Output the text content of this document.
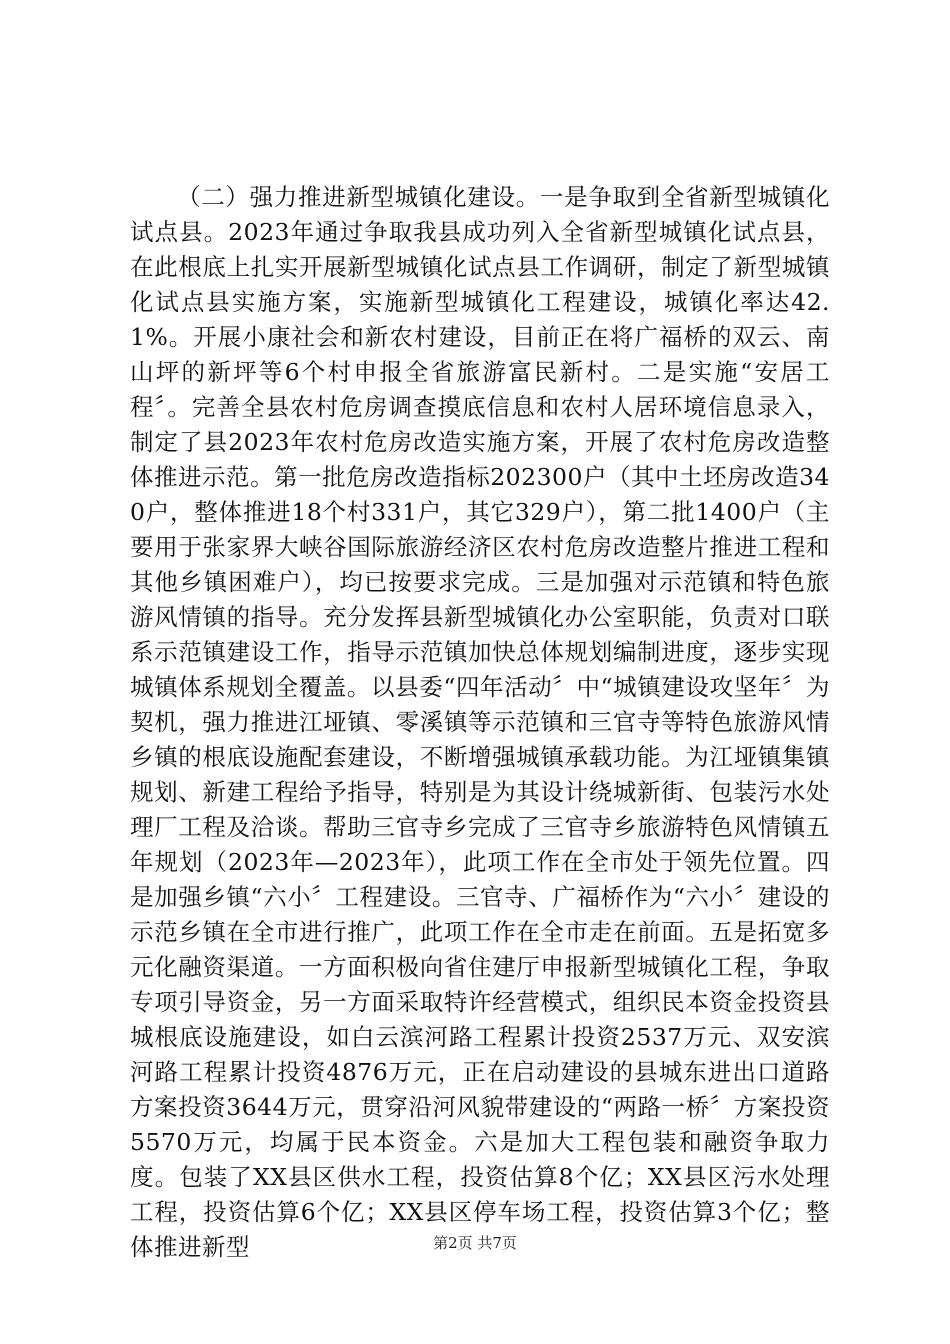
（二）强力推进新型城镇化建设。一是争取到全省新型城镇化试点县。2023年通过争取我县成功列入全省新型城镇化试点县，在此根底上扎实开展新型城镇化试点县工作调研，制定了新型城镇化试点县实施方案，实施新型城镇化工程建设，城镇化率达42.1%。开展小康社会和新农村建设，目前正在将广福桥的双云、南山坪的新坪等6个村申报全省旅游富民新村。二是实施“安居工程〞。完善全县农村危房调查摸底信息和农村人居环境信息录入，制定了县2023年农村危房改造实施方案，开展了农村危房改造整体推进示范。第一批危房改造指标202300户（其中土坯房改造340户，整体推进18个村331户，其它329户），第二批1400户（主要用于张家界大峡谷国际旅游经济区农村危房改造整片推进工程和其他乡镇困难户），均已按要求完成。三是加强对示范镇和特色旅游风情镇的指导。充分发挥县新型城镇化办公室职能，负责对口联系示范镇建设工作，指导示范镇加快总体规划编制进度，逐步实现城镇体系规划全覆盖。以县委“四年活动〞中“城镇建设攻坚年〞为契机，强力推进江垭镇、零溪镇等示范镇和三官寺等特色旅游风情乡镇的根底设施配套建设，不断增强城镇承载功能。为江垭镇集镇规划、新建工程给予指导，特别是为其设计绕城新街、包装污水处理厂工程及洽谈。帮助三官寺乡完成了三官寺乡旅游特色风情镇五年规划（2023年—2023年），此项工作在全市处于领先位置。四是加强乡镇“六小〞工程建设。三官寺、广福桥作为“六小〞建设的示范乡镇在全市进行推广，此项工作在全市走在前面。五是拓宽多元化融资渠道。一方面积极向省住建厅申报新型城镇化工程，争取专项引导资金，另一方面采取特许经营模式，组织民本资金投资县城根底设施建设，如白云滨河路工程累计投资2537万元、双安滨河路工程累计投资4876万元，正在启动建设的县城东进出口道路方案投资3644万元，贯穿沿河风貌带建设的“两路一桥〞方案投资5570万元，均属于民本资金。六是加大工程包装和融资争取力度。包装了XX县区供水工程，投资估算8个亿；XX县区污水处理工程，投资估算6个亿；XX县区停车场工程，投资估算3个亿；整体推进新型	第2页 共7页
